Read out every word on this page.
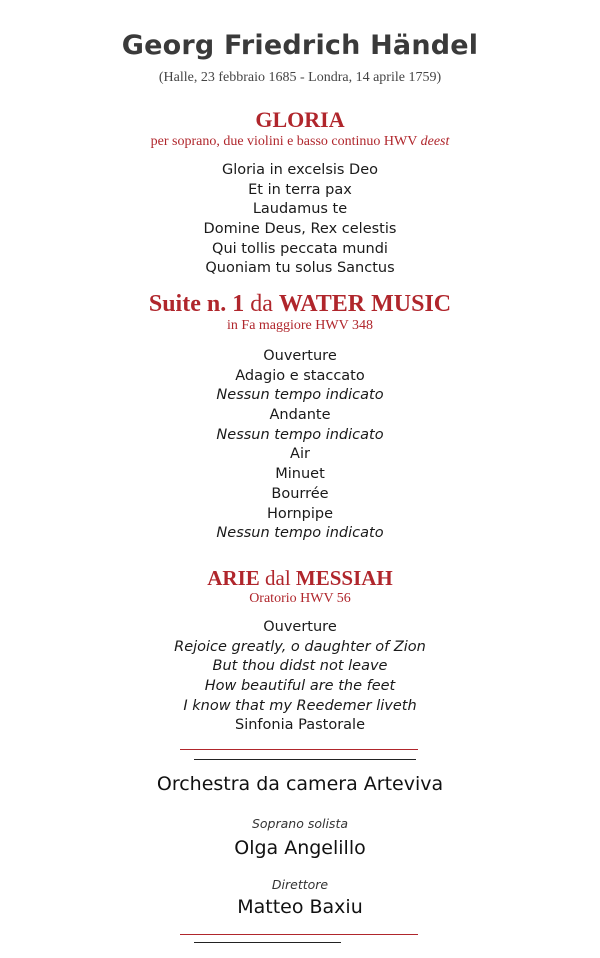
Georg Friedrich Händel
(Halle, 23 febbraio 1685 - Londra, 14 aprile 1759)
GLORIA
per soprano, due violini e basso continuo HWV deest
Gloria in excelsis Deo
Et in terra pax
Laudamus te
Domine Deus, Rex celestis
Qui tollis peccata mundi
Quoniam tu solus Sanctus
Suite n. 1 da WATER MUSIC
in Fa maggiore HWV 348
Ouverture
Adagio e staccato
Nessun tempo indicato
Andante
Nessun tempo indicato
Air
Minuet
Bourrée
Hornpipe
Nessun tempo indicato
ARIE dal MESSIAH
Oratorio HWV 56
Ouverture
Rejoice greatly, o daughter of Zion
But thou didst not leave
How beautiful are the feet
I know that my Reedemer liveth
Sinfonia Pastorale
Orchestra da camera Arteviva
Soprano solista
Olga Angelillo
Direttore
Matteo Baxiu
